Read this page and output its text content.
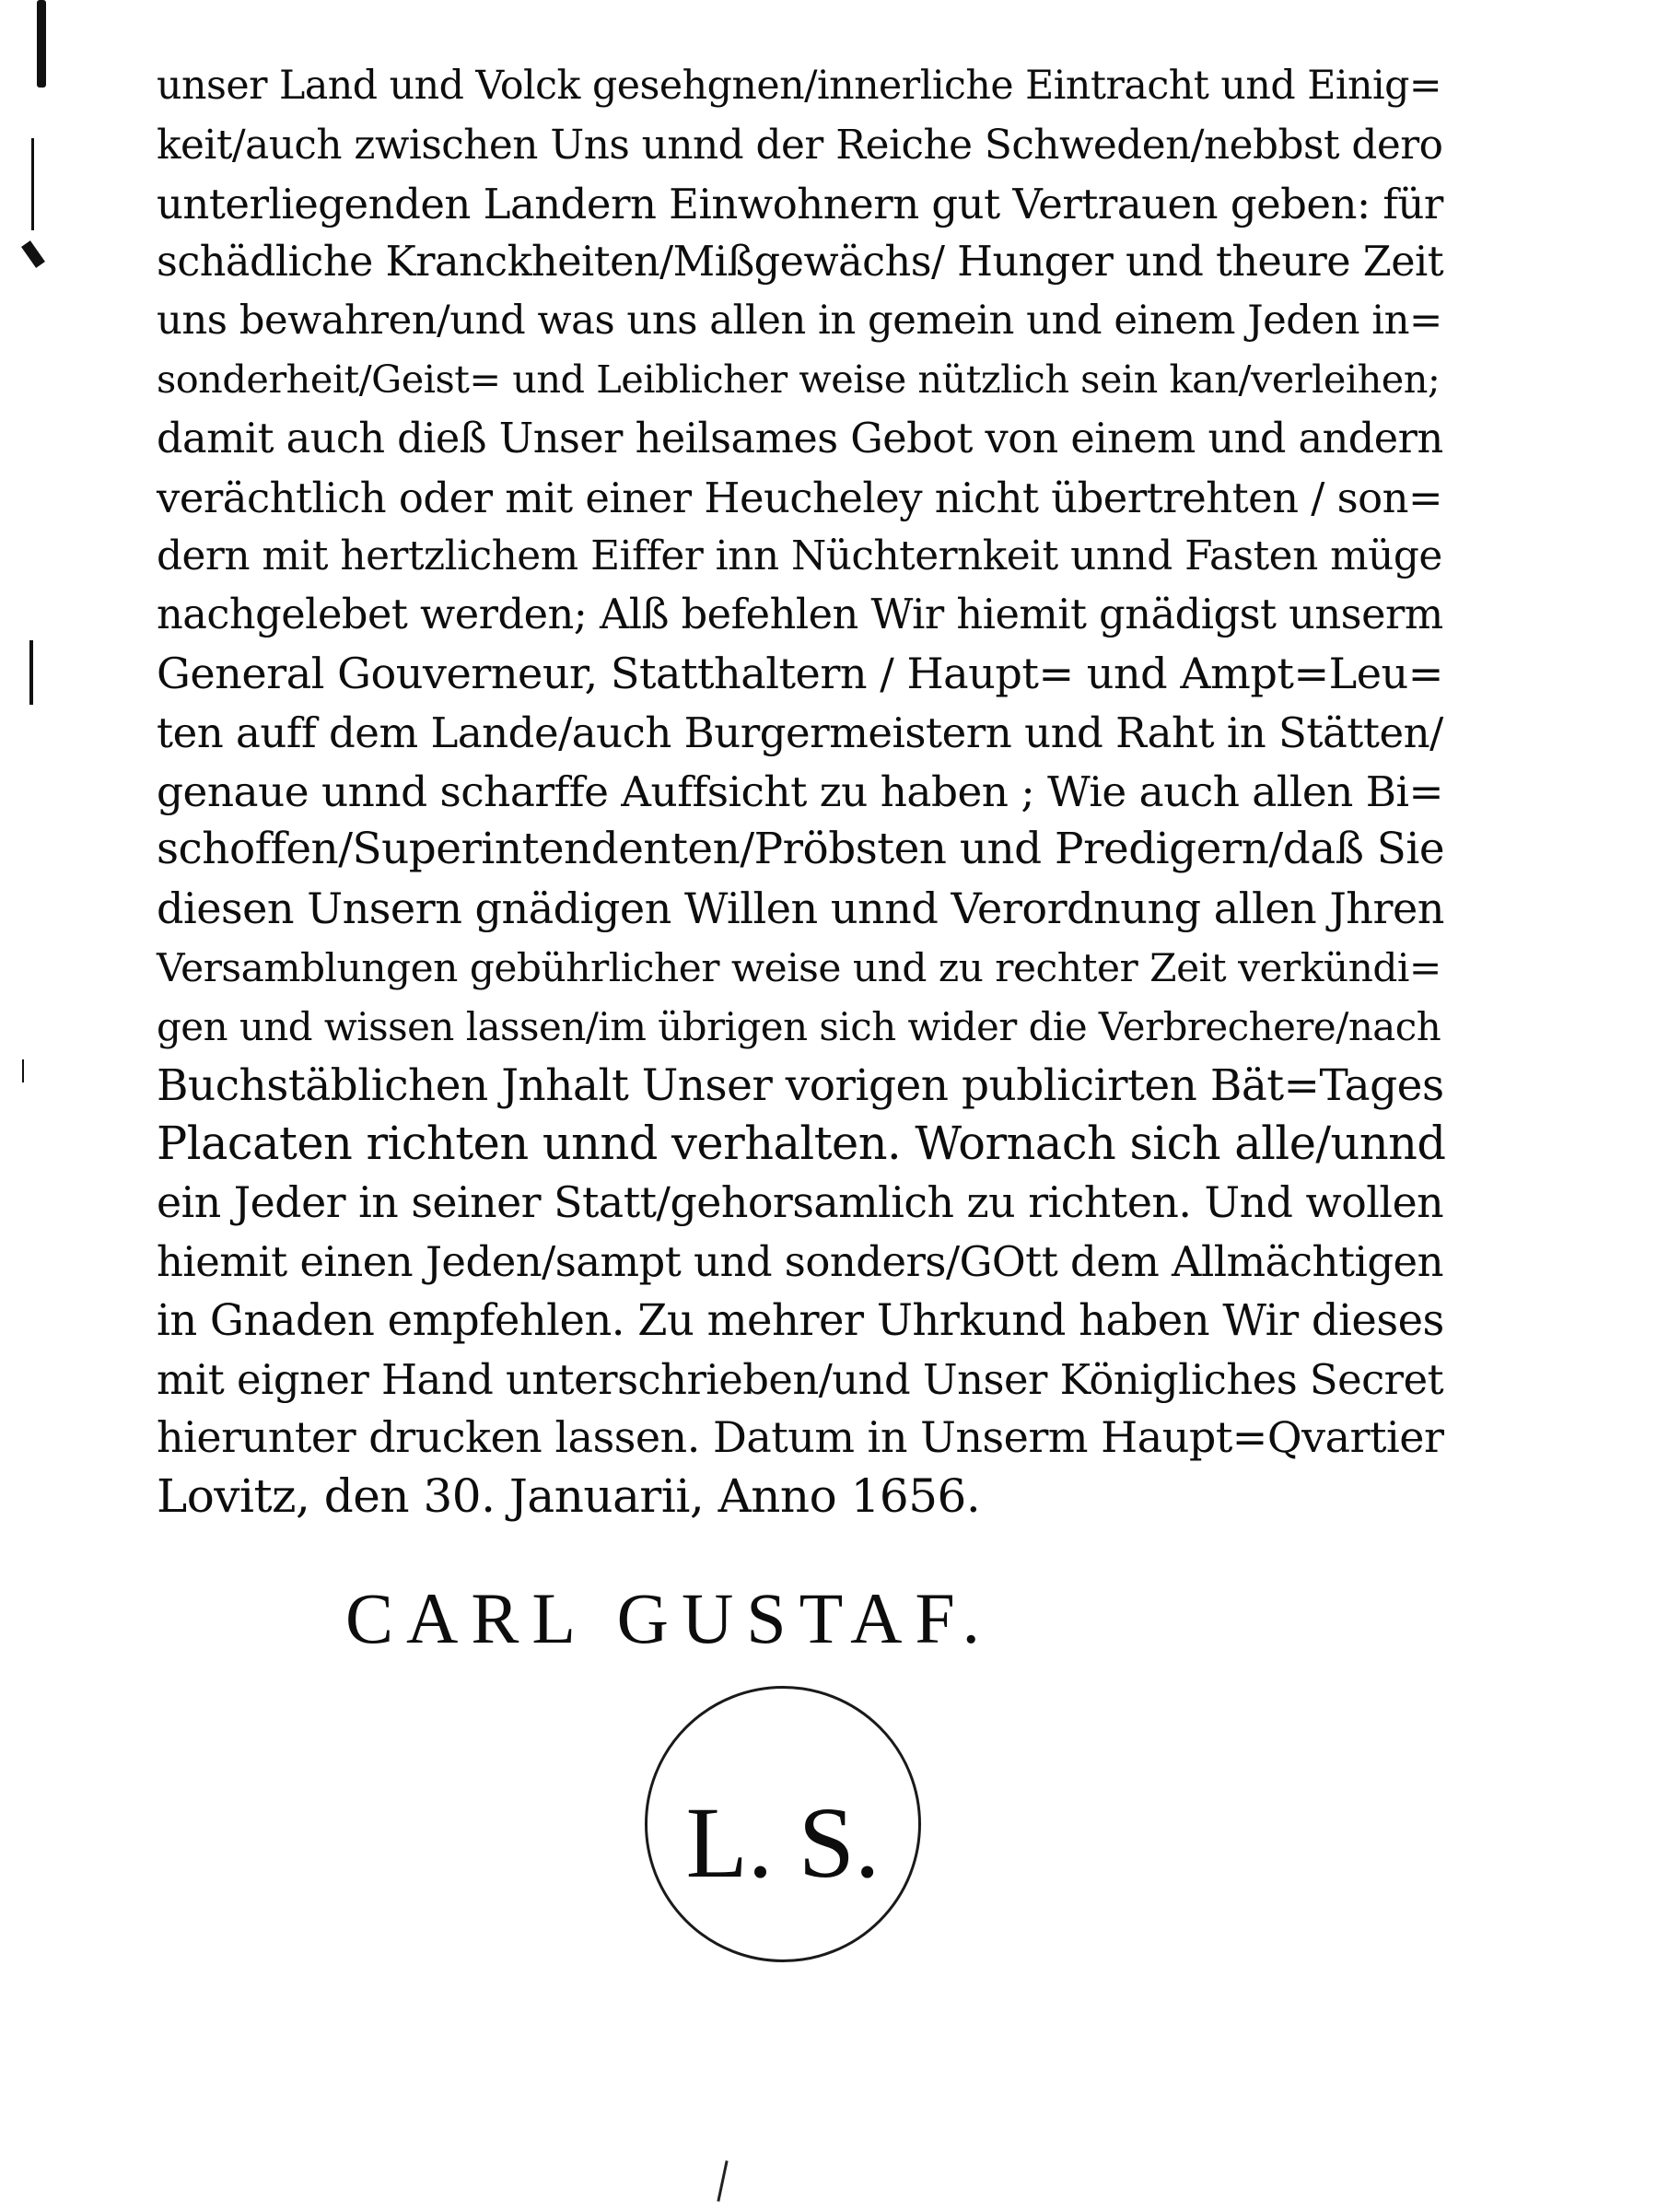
unser Land und Volck gesehgnen/innerliche Eintracht und Einig=
keit/auch zwischen Uns unnd der Reiche Schweden/nebbst dero
unterliegenden Landern Einwohnern gut Vertrauen geben: für
schädliche Kranckheiten/Mißgewächs/ Hunger und theure Zeit
uns bewahren/und was uns allen in gemein und einem Jeden in=
sonderheit/Geist= und Leiblicher weise nützlich sein kan/verleihen;
damit auch dieß Unser heilsames Gebot von einem und andern
verächtlich oder mit einer Heucheley nicht übertrehten / son=
dern mit hertzlichem Eiffer inn Nüchternkeit unnd Fasten müge
nachgelebet werden; Alß befehlen Wir hiemit gnädigst unserm
General Gouverneur, Statthaltern / Haupt= und Ampt=Leu=
ten auff dem Lande/auch Burgermeistern und Raht in Stätten/
genaue unnd scharffe Auffsicht zu haben ; Wie auch allen Bi=
schoffen/Superintendenten/Pröbsten und Predigern/daß Sie
diesen Unsern gnädigen Willen unnd Verordnung allen Jhren
Versamblungen gebührlicher weise und zu rechter Zeit verkündi=
gen und wissen lassen/im übrigen sich wider die Verbrechere/nach
Buchstäblichen Jnhalt Unser vorigen publicirten Bät=Tages
Placaten richten unnd verhalten. Wornach sich alle/unnd
ein Jeder in seiner Statt/gehorsamlich zu richten. Und wollen
hiemit einen Jeden/sampt und sonders/GOtt dem Allmächtigen
in Gnaden empfehlen. Zu mehrer Uhrkund haben Wir dieses
mit eigner Hand unterschrieben/und Unser Königliches Secret
hierunter drucken lassen. Datum in Unserm Haupt=Qvartier
Lovitz, den 30. Januarii, Anno 1656.
CARL GUSTAF.
L. S.
